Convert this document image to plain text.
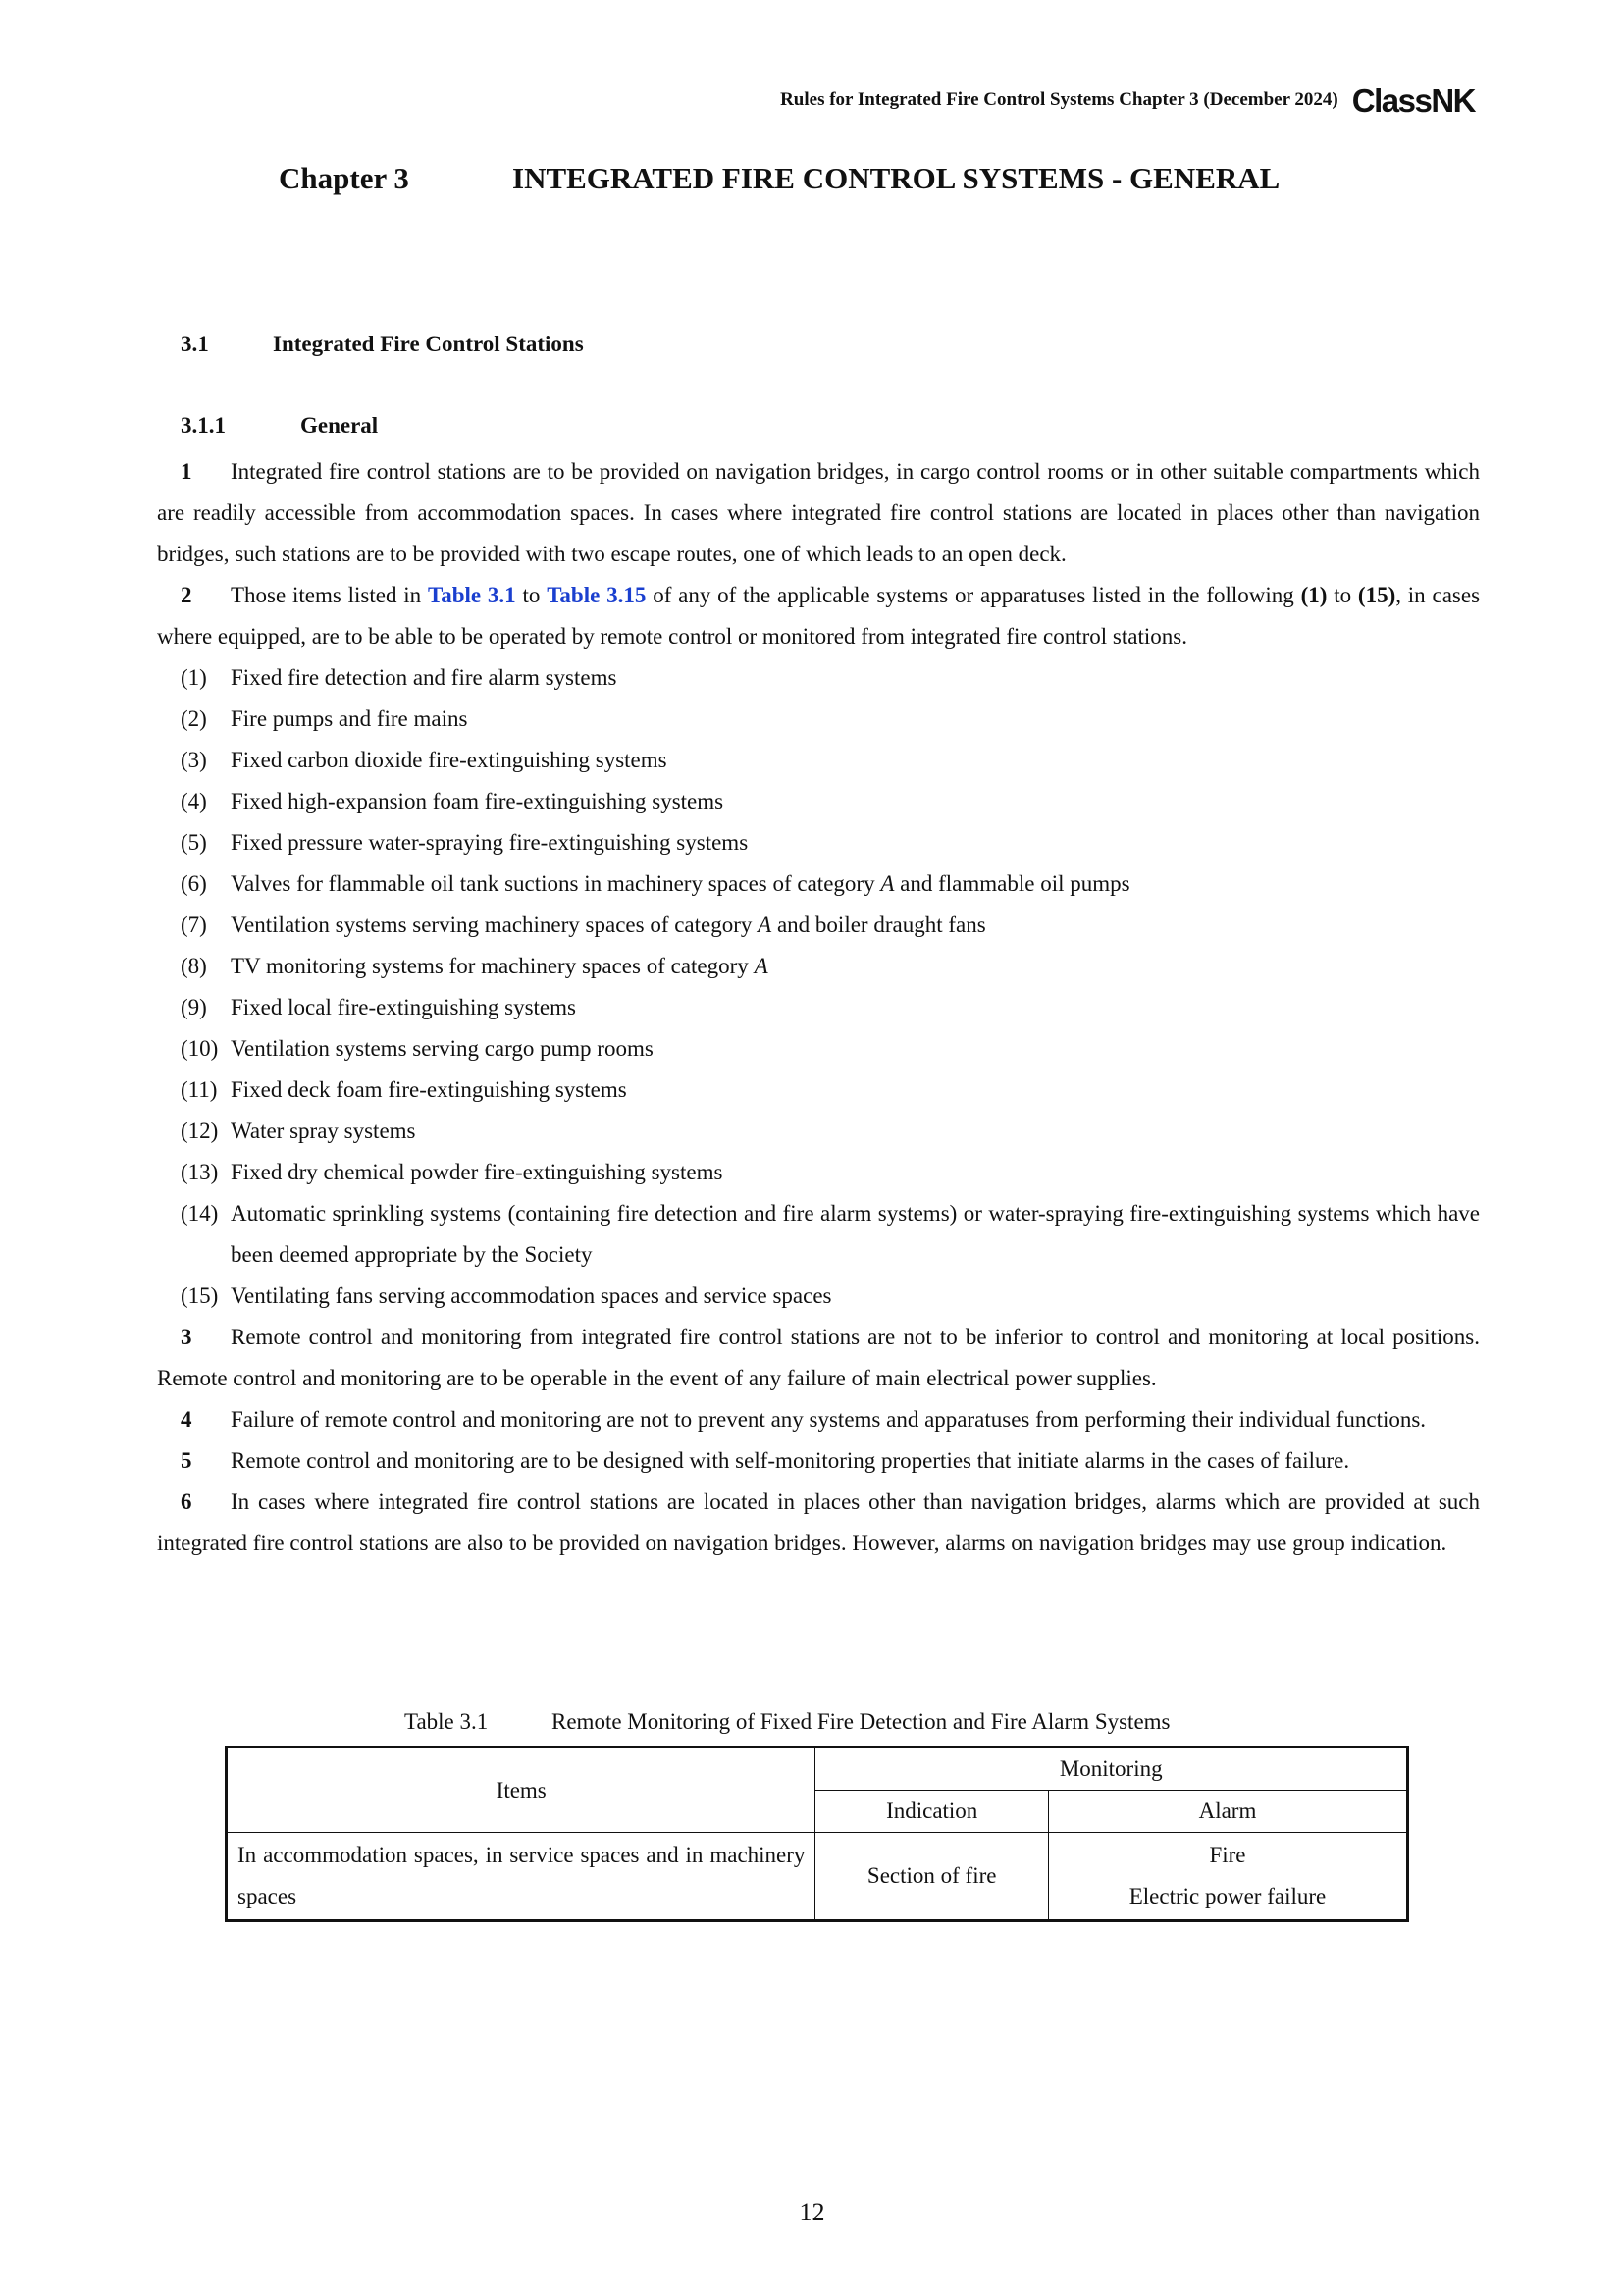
Rules for Integrated Fire Control Systems Chapter 3 (December 2024) ClassNK
Chapter 3	INTEGRATED FIRE CONTROL SYSTEMS - GENERAL
3.1	Integrated Fire Control Stations
3.1.1	General

1 Integrated fire control stations are to be provided on navigation bridges, in cargo control rooms or in other suitable compartments which are readily accessible from accommodation spaces. In cases where integrated fire control stations are located in places other than navigation bridges, such stations are to be provided with two escape routes, one of which leads to an open deck.

2 Those items listed in Table 3.1 to Table 3.15 of any of the applicable systems or apparatuses listed in the following (1) to (15), in cases where equipped, are to be able to be operated by remote control or monitored from integrated fire control stations.

(1)	Fixed fire detection and fire alarm systems
(2)	Fire pumps and fire mains
(3)	Fixed carbon dioxide fire-extinguishing systems
(4)	Fixed high-expansion foam fire-extinguishing systems
(5)	Fixed pressure water-spraying fire-extinguishing systems
(6)	Valves for flammable oil tank suctions in machinery spaces of category A and flammable oil pumps
(7)	Ventilation systems serving machinery spaces of category A and boiler draught fans
(8)	TV monitoring systems for machinery spaces of category A
(9)	Fixed local fire-extinguishing systems
(10) Ventilation systems serving cargo pump rooms
(11) Fixed deck foam fire-extinguishing systems
(12) Water spray systems
(13) Fixed dry chemical powder fire-extinguishing systems
(14) Automatic sprinkling systems (containing fire detection and fire alarm systems) or water-spraying fire-extinguishing systems which have been deemed appropriate by the Society
(15) Ventilating fans serving accommodation spaces and service spaces

3 Remote control and monitoring from integrated fire control stations are not to be inferior to control and monitoring at local positions. Remote control and monitoring are to be operable in the event of any failure of main electrical power supplies.

4 Failure of remote control and monitoring are not to prevent any systems and apparatuses from performing their individual functions.

5 Remote control and monitoring are to be designed with self-monitoring properties that initiate alarms in the cases of failure.

6 In cases where integrated fire control stations are located in places other than navigation bridges, alarms which are provided at such integrated fire control stations are also to be provided on navigation bridges. However, alarms on navigation bridges may use group indication.

Table 3.1	Remote Monitoring of Fixed Fire Detection and Fire Alarm Systems
Items	Monitoring	
	Indication	Alarm
In accommodation spaces, in service spaces and in machinery spaces	Section of fire	Fire
Electric power failure
12
